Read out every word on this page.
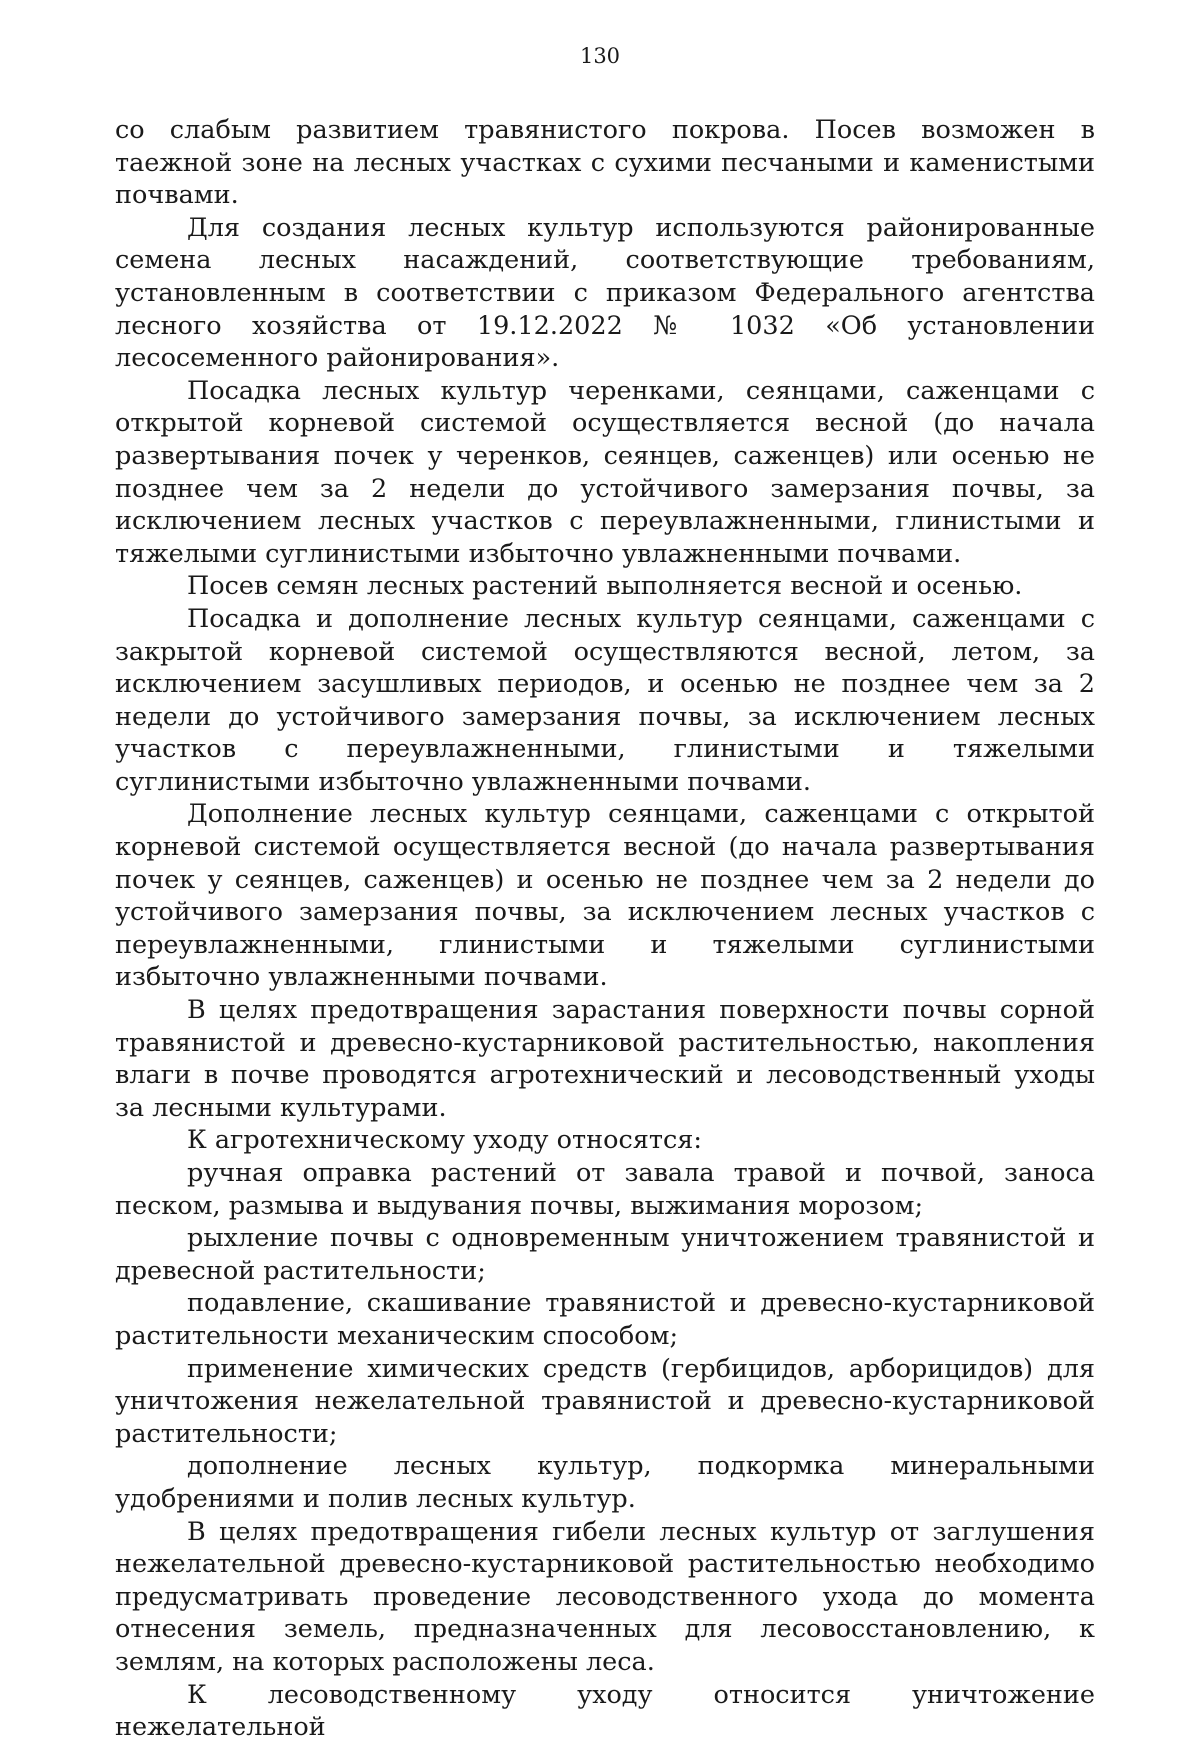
130

со слабым развитием травянистого покрова. Посев возможен в таежной зоне на лесных участках с сухими песчаными и каменистыми почвами.

Для создания лесных культур используются районированные семена лесных насаждений, соответствующие требованиям, установленным в соответствии с приказом Федерального агентства лесного хозяйства от 19.12.2022 № 1032 «Об установлении лесосеменного районирования».

Посадка лесных культур черенками, сеянцами, саженцами с открытой корневой системой осуществляется весной (до начала развертывания почек у черенков, сеянцев, саженцев) или осенью не позднее чем за 2 недели до устойчивого замерзания почвы, за исключением лесных участков с переувлажненными, глинистыми и тяжелыми суглинистыми избыточно увлажненными почвами.

Посев семян лесных растений выполняется весной и осенью.

Посадка и дополнение лесных культур сеянцами, саженцами с закрытой корневой системой осуществляются весной, летом, за исключением засушливых периодов, и осенью не позднее чем за 2 недели до устойчивого замерзания почвы, за исключением лесных участков с переувлажненными, глинистыми и тяжелыми суглинистыми избыточно увлажненными почвами.

Дополнение лесных культур сеянцами, саженцами с открытой корневой системой осуществляется весной (до начала развертывания почек у сеянцев, саженцев) и осенью не позднее чем за 2 недели до устойчивого замерзания почвы, за исключением лесных участков с переувлажненными, глинистыми и тяжелыми суглинистыми избыточно увлажненными почвами.

В целях предотвращения зарастания поверхности почвы сорной травянистой и древесно-кустарниковой растительностью, накопления влаги в почве проводятся агротехнический и лесоводственный уходы за лесными культурами.

К агротехническому уходу относятся:

ручная оправка растений от завала травой и почвой, заноса песком, размыва и выдувания почвы, выжимания морозом;

рыхление почвы с одновременным уничтожением травянистой и древесной растительности;

подавление, скашивание травянистой и древесно-кустарниковой растительности механическим способом;

применение химических средств (гербицидов, арборицидов) для уничтожения нежелательной травянистой и древесно-кустарниковой растительности;

дополнение лесных культур, подкормка минеральными удобрениями и полив лесных культур.

В целях предотвращения гибели лесных культур от заглушения нежелательной древесно-кустарниковой растительностью необходимо предусматривать проведение лесоводственного ухода до момента отнесения земель, предназначенных для лесовосстановлению, к землям, на которых расположены леса.

К лесоводственному уходу относится уничтожение нежелательной
